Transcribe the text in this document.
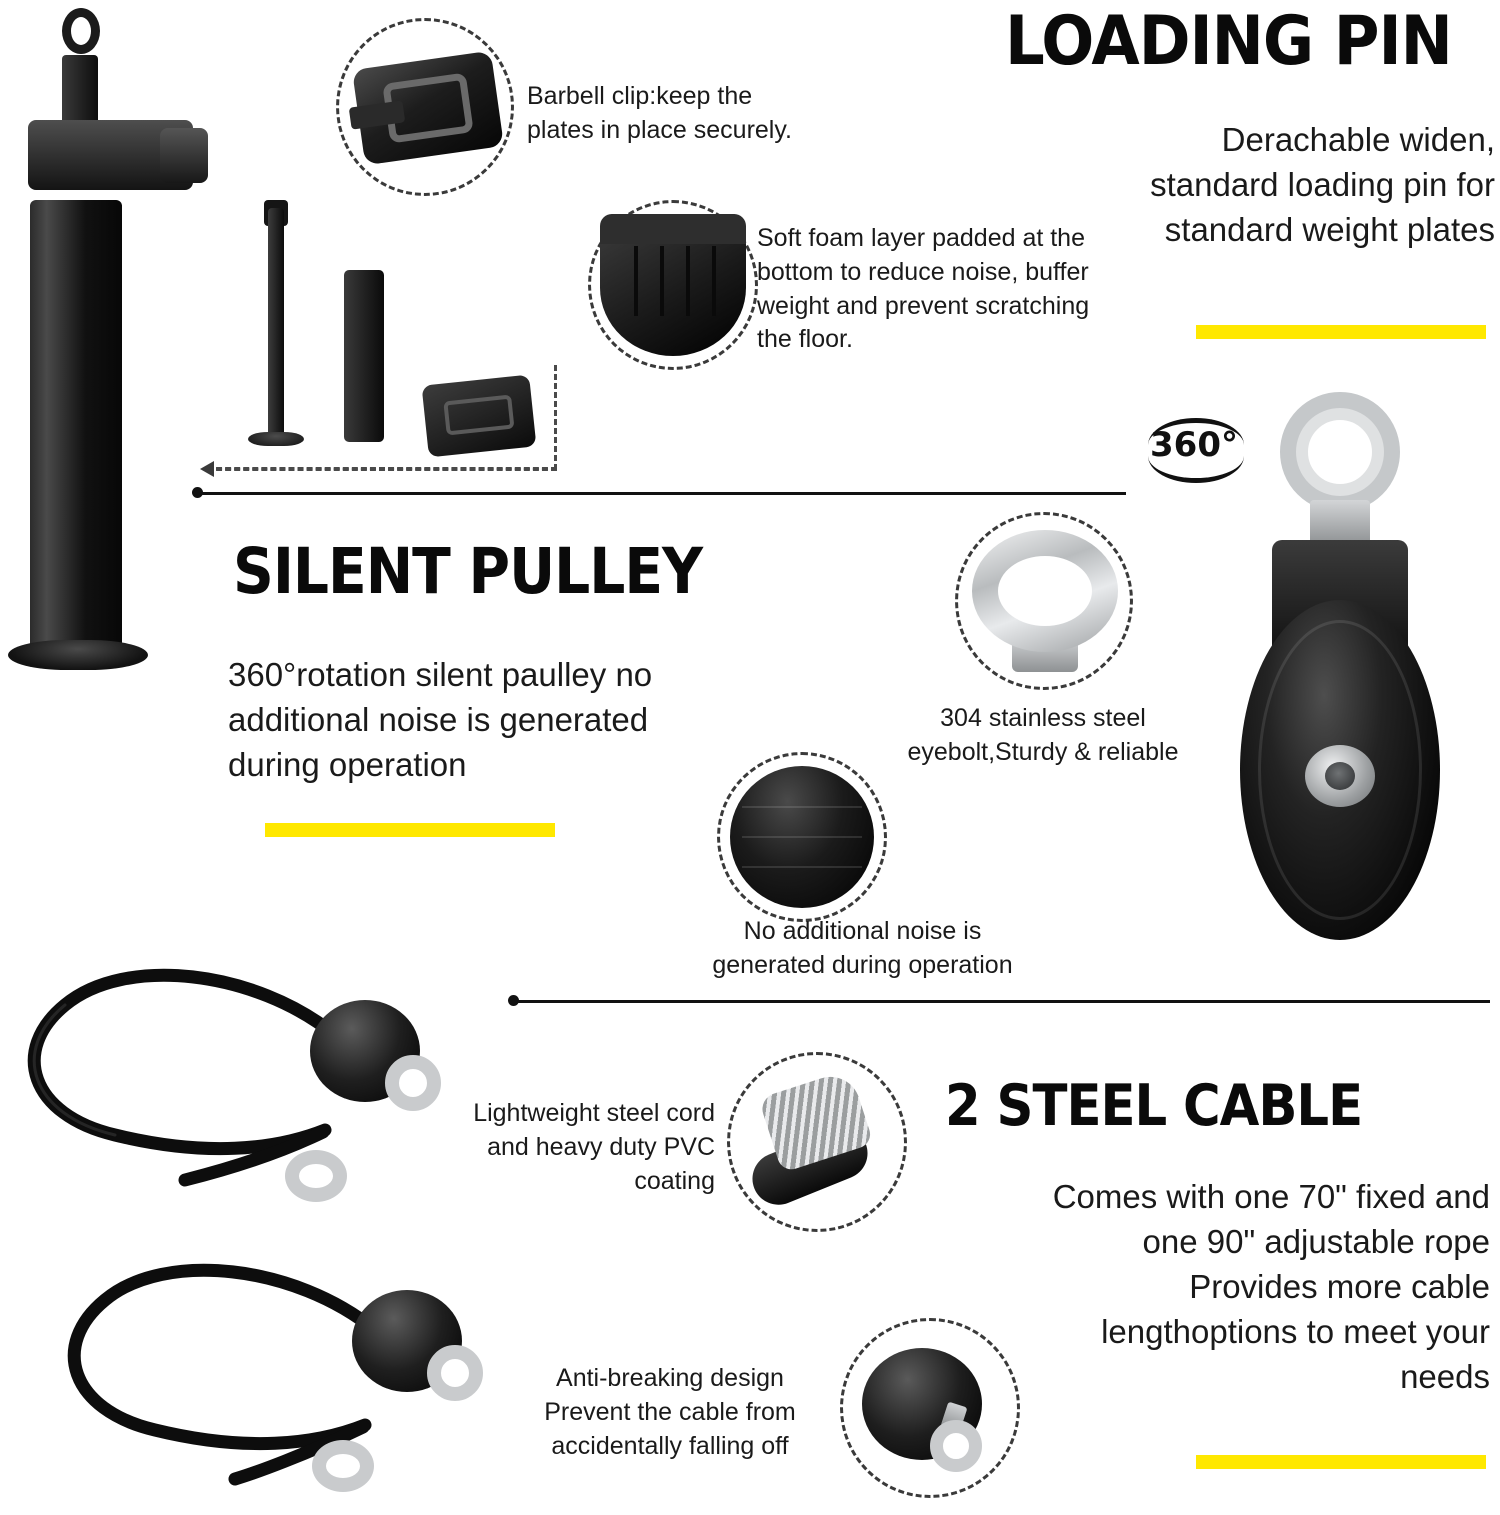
Barbell clip:keep the plates in place securely.
Soft foam layer padded at the bottom to reduce noise, buffer weight and prevent scratching the floor.
LOADING PIN
Derachable widen, standard loading pin for standard weight plates
SILENT PULLEY
360°rotation silent paulley no additional noise is generated during operation
304 stainless steel eyebolt,Sturdy & reliable
No additional noise is generated during operation
360°
Lightweight steel cord and heavy duty PVC coating
Anti-breaking design Prevent the cable from accidentally falling off
2 STEEL CABLE
Comes with one 70" fixed and one 90" adjustable rope Provides more cable lengthoptions to meet your needs
